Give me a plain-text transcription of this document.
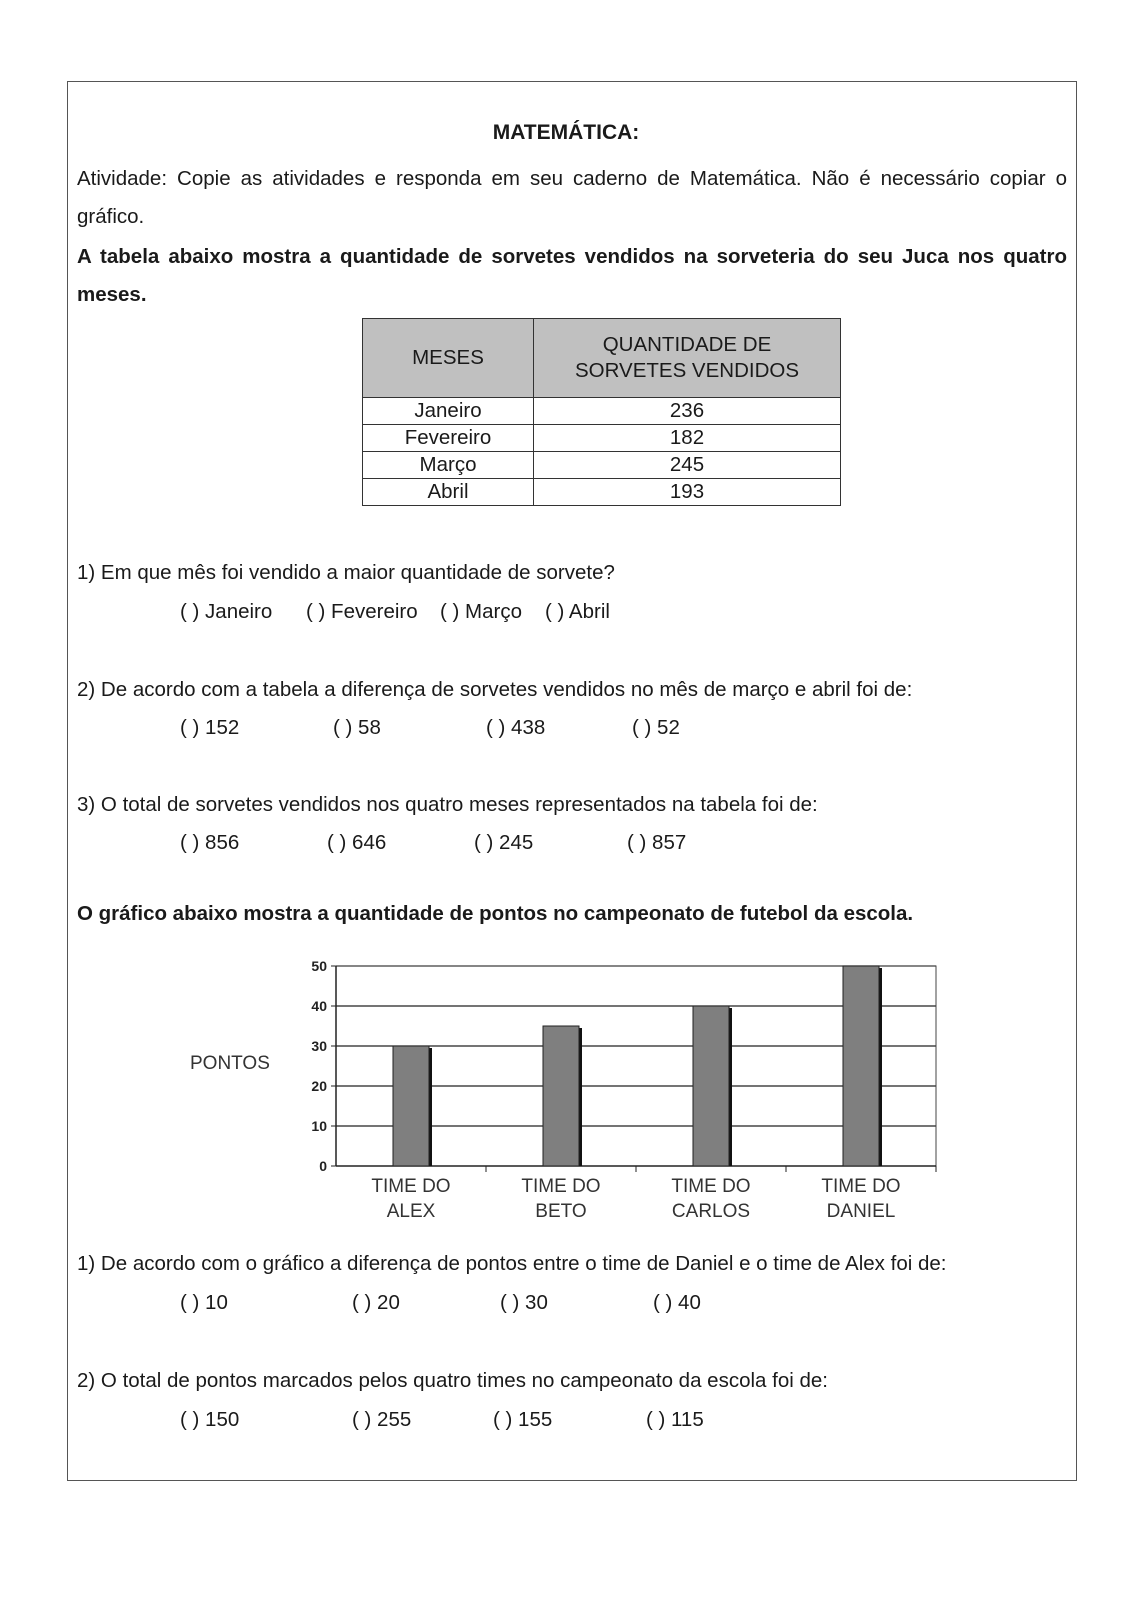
MATEMÁTICA:
Atividade: Copie as atividades e responda em seu caderno de Matemática. Não é necessário copiar o gráfico.
A tabela abaixo mostra a quantidade de sorvetes vendidos na sorveteria do seu Juca nos quatro meses.
MESES	QUANTIDADE DE SORVETES VENDIDOS

Janeiro	236
Fevereiro	182
Março	245
Abril	193
1) Em que mês foi vendido a maior quantidade de sorvete?
( ) Janeiro ( ) Fevereiro ( ) Março ( ) Abril
2) De acordo com a tabela a diferença de sorvetes vendidos no mês de março e abril foi de:
( ) 152	( ) 58	( ) 438	( ) 52
3) O total de sorvetes vendidos nos quatro meses representados na tabela foi de:
( ) 856	( ) 646	( ) 245	( ) 857
O gráfico abaixo mostra a quantidade de pontos no campeonato de futebol da escola.
PONTOS
0
10
20
30
40
50
TIME DO
ALEX
TIME DO
BETO
TIME DO
CARLOS
TIME DO
DANIEL
1) De acordo com o gráfico a diferença de pontos entre o time de Daniel e o time de Alex foi de:
( ) 10	( ) 20	( ) 30	( ) 40
2) O total de pontos marcados pelos quatro times no campeonato da escola foi de:
( ) 150	( ) 255	( ) 155	( ) 115
